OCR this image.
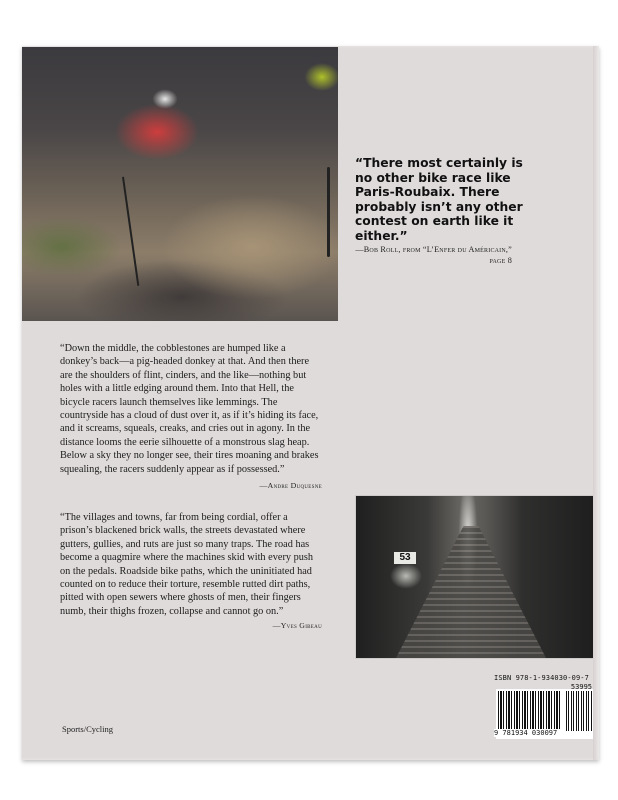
“There most certainly is no other bike race like Paris-Roubaix. There probably isn’t any other contest on earth like it either.”
—Bob Roll, from “L’Enfer du Américain,” page 8
“Down the middle, the cobblestones are humped like a donkey’s back—a pig-headed donkey at that. And then there are the shoulders of flint, cinders, and the like—nothing but holes with a little edging around them. Into that Hell, the bicycle racers launch themselves like lemmings. The countryside has a cloud of dust over it, as if it’s hiding its face, and it screams, squeals, creaks, and cries out in agony. In the distance looms the eerie silhouette of a monstrous slag heap. Below a sky they no longer see, their tires moaning and brakes squealing, the racers suddenly appear as if possessed.”
—Andre Duquesne
“The villages and towns, far from being cordial, offer a prison’s blackened brick walls, the streets devastated where gutters, gullies, and ruts are just so many traps. The road has become a quagmire where the machines skid with every push on the pedals. Roadside bike paths, which the uninitiated had counted on to reduce their torture, resemble rutted dirt paths, pitted with open sewers where ghosts of men, their fingers numb, their thighs frozen, collapse and cannot go on.”
—Yves Gibeau
53
Sports/Cycling
ISBN 978-1-934030-09-7
53995
9 781934 030097
